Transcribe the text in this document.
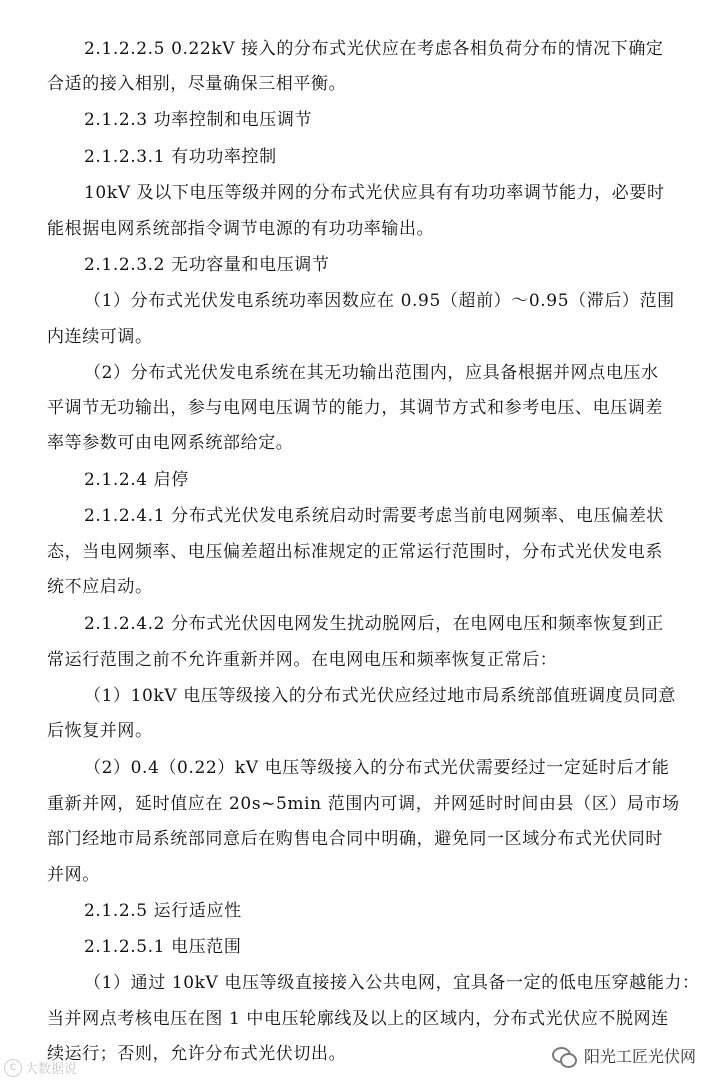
2.1.2.2.5 0.22kV 接入的分布式光伏应在考虑各相负荷分布的情况下确定
合适的接入相别，尽量确保三相平衡。
2.1.2.3 功率控制和电压调节
2.1.2.3.1 有功功率控制
10kV 及以下电压等级并网的分布式光伏应具有有功功率调节能力，必要时
能根据电网系统部指令调节电源的有功功率输出。
2.1.2.3.2 无功容量和电压调节
（1）分布式光伏发电系统功率因数应在 0.95（超前）～0.95（滞后）范围
内连续可调。
（2）分布式光伏发电系统在其无功输出范围内，应具备根据并网点电压水
平调节无功输出，参与电网电压调节的能力，其调节方式和参考电压、电压调差
率等参数可由电网系统部给定。
2.1.2.4 启停
2.1.2.4.1 分布式光伏发电系统启动时需要考虑当前电网频率、电压偏差状
态，当电网频率、电压偏差超出标准规定的正常运行范围时，分布式光伏发电系
统不应启动。
2.1.2.4.2 分布式光伏因电网发生扰动脱网后，在电网电压和频率恢复到正
常运行范围之前不允许重新并网。在电网电压和频率恢复正常后：
（1）10kV 电压等级接入的分布式光伏应经过地市局系统部值班调度员同意
后恢复并网。
（2）0.4（0.22）kV 电压等级接入的分布式光伏需要经过一定延时后才能
重新并网，延时值应在 20s~5min 范围内可调，并网延时时间由县（区）局市场
部门经地市局系统部同意后在购售电合同中明确，避免同一区域分布式光伏同时
并网。
2.1.2.5 运行适应性
2.1.2.5.1 电压范围
（1）通过 10kV 电压等级直接接入公共电网，宜具备一定的低电压穿越能力：
当并网点考核电压在图 1 中电压轮廓线及以上的区域内，分布式光伏应不脱网连
续运行；否则，允许分布式光伏切出。
C 大数据说
阳光工匠光伏网
